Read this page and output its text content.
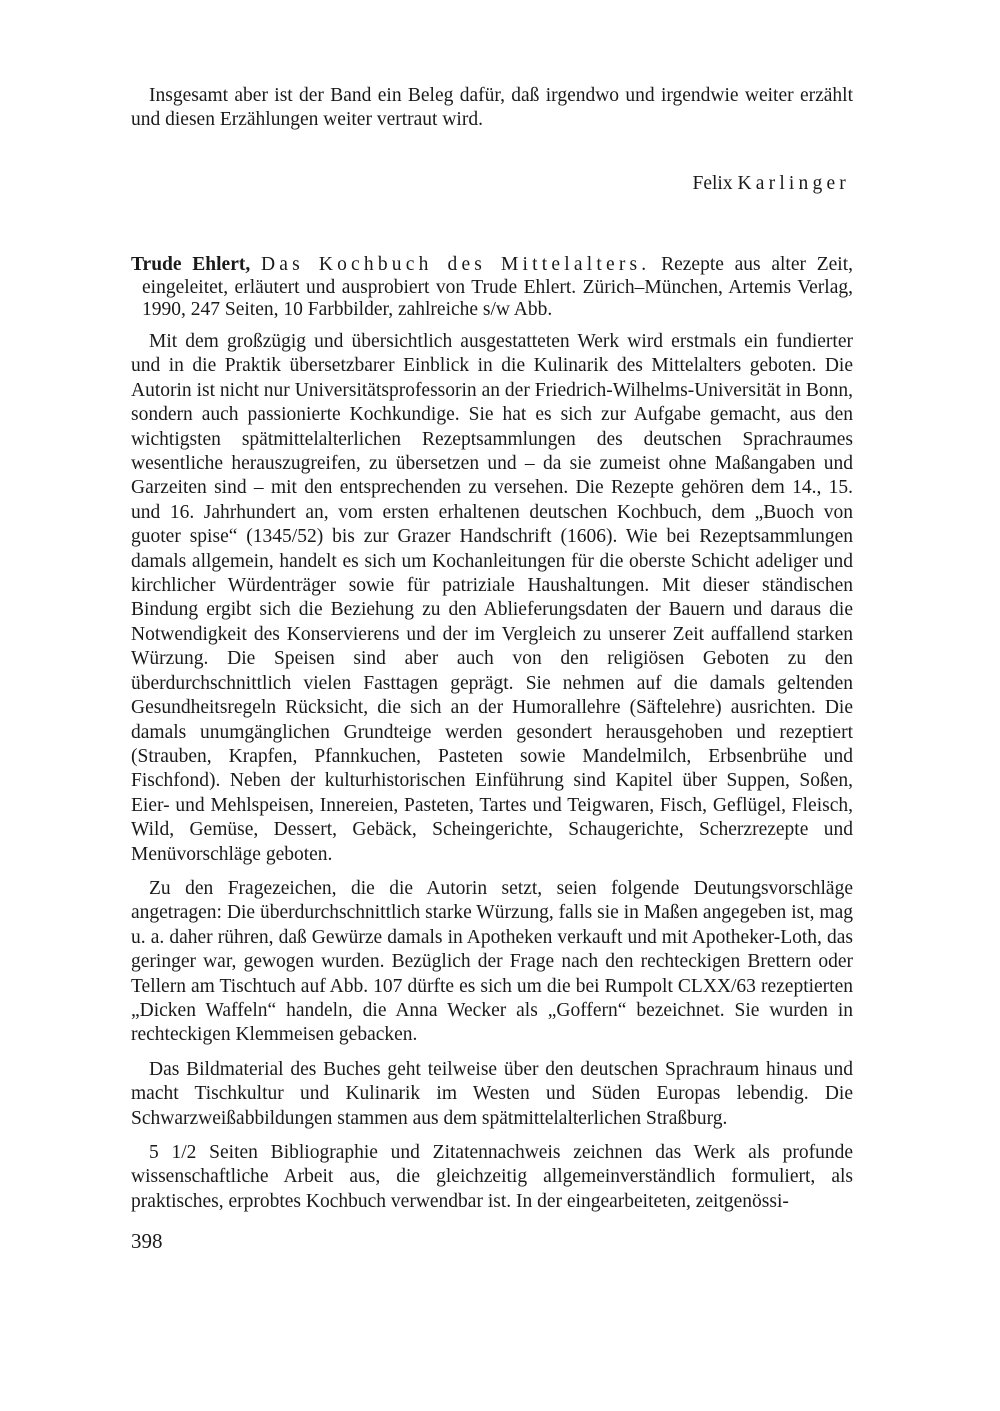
Insgesamt aber ist der Band ein Beleg dafür, daß irgendwo und irgendwie weiter erzählt und diesen Erzählungen weiter vertraut wird.

Felix Karlinger
Trude Ehlert, Das Kochbuch des Mittelalters. Rezepte aus alter Zeit, eingeleitet, erläutert und ausprobiert von Trude Ehlert. Zürich–München, Artemis Verlag, 1990, 247 Seiten, 10 Farbbilder, zahlreiche s/w Abb.

Mit dem großzügig und übersichtlich ausgestatteten Werk wird erstmals ein fundierter und in die Praktik übersetzbarer Einblick in die Kulinarik des Mittelalters geboten. Die Autorin ist nicht nur Universitätsprofessorin an der Friedrich-Wilhelms-Universität in Bonn, sondern auch passionierte Kochkundige. Sie hat es sich zur Aufgabe gemacht, aus den wichtigsten spätmittelalterlichen Rezeptsammlungen des deutschen Sprachraumes wesentliche herauszugreifen, zu übersetzen und – da sie zumeist ohne Maßangaben und Garzeiten sind – mit den entsprechenden zu versehen. Die Rezepte gehören dem 14., 15. und 16. Jahrhundert an, vom ersten erhaltenen deutschen Kochbuch, dem „Buoch von guoter spise“ (1345/52) bis zur Grazer Handschrift (1606). Wie bei Rezeptsammlungen damals allgemein, handelt es sich um Kochanleitungen für die oberste Schicht adeliger und kirchlicher Würdenträger sowie für patriziale Haushaltungen. Mit dieser ständischen Bindung ergibt sich die Beziehung zu den Ablieferungsdaten der Bauern und daraus die Notwendigkeit des Konservierens und der im Vergleich zu unserer Zeit auffallend starken Würzung. Die Speisen sind aber auch von den religiösen Geboten zu den überdurchschnittlich vielen Fasttagen geprägt. Sie nehmen auf die damals geltenden Gesundheitsregeln Rücksicht, die sich an der Humorallehre (Säftelehre) ausrichten. Die damals unumgänglichen Grundteige werden gesondert herausgehoben und rezeptiert (Strauben, Krapfen, Pfannkuchen, Pasteten sowie Mandelmilch, Erbsenbrühe und Fischfond). Neben der kulturhistorischen Einführung sind Kapitel über Suppen, Soßen, Eier- und Mehlspeisen, Innereien, Pasteten, Tartes und Teigwaren, Fisch, Geflügel, Fleisch, Wild, Gemüse, Dessert, Gebäck, Scheingerichte, Schaugerichte, Scherzrezepte und Menüvorschläge geboten.

Zu den Fragezeichen, die die Autorin setzt, seien folgende Deutungsvorschläge angetragen: Die überdurchschnittlich starke Würzung, falls sie in Maßen angegeben ist, mag u. a. daher rühren, daß Gewürze damals in Apotheken verkauft und mit Apotheker-Loth, das geringer war, gewogen wurden. Bezüglich der Frage nach den rechteckigen Brettern oder Tellern am Tischtuch auf Abb. 107 dürfte es sich um die bei Rumpolt CLXX/63 rezeptierten „Dicken Waffeln“ handeln, die Anna Wecker als „Goffern“ bezeichnet. Sie wurden in rechteckigen Klemmeisen gebacken.

Das Bildmaterial des Buches geht teilweise über den deutschen Sprachraum hinaus und macht Tischkultur und Kulinarik im Westen und Süden Europas lebendig. Die Schwarzweißabbildungen stammen aus dem spätmittelalterlichen Straßburg.

5 1/2 Seiten Bibliographie und Zitatennachweis zeichnen das Werk als profunde wissenschaftliche Arbeit aus, die gleichzeitig allgemeinverständlich formuliert, als praktisches, erprobtes Kochbuch verwendbar ist. In der eingearbeiteten, zeitgenössi-

398
